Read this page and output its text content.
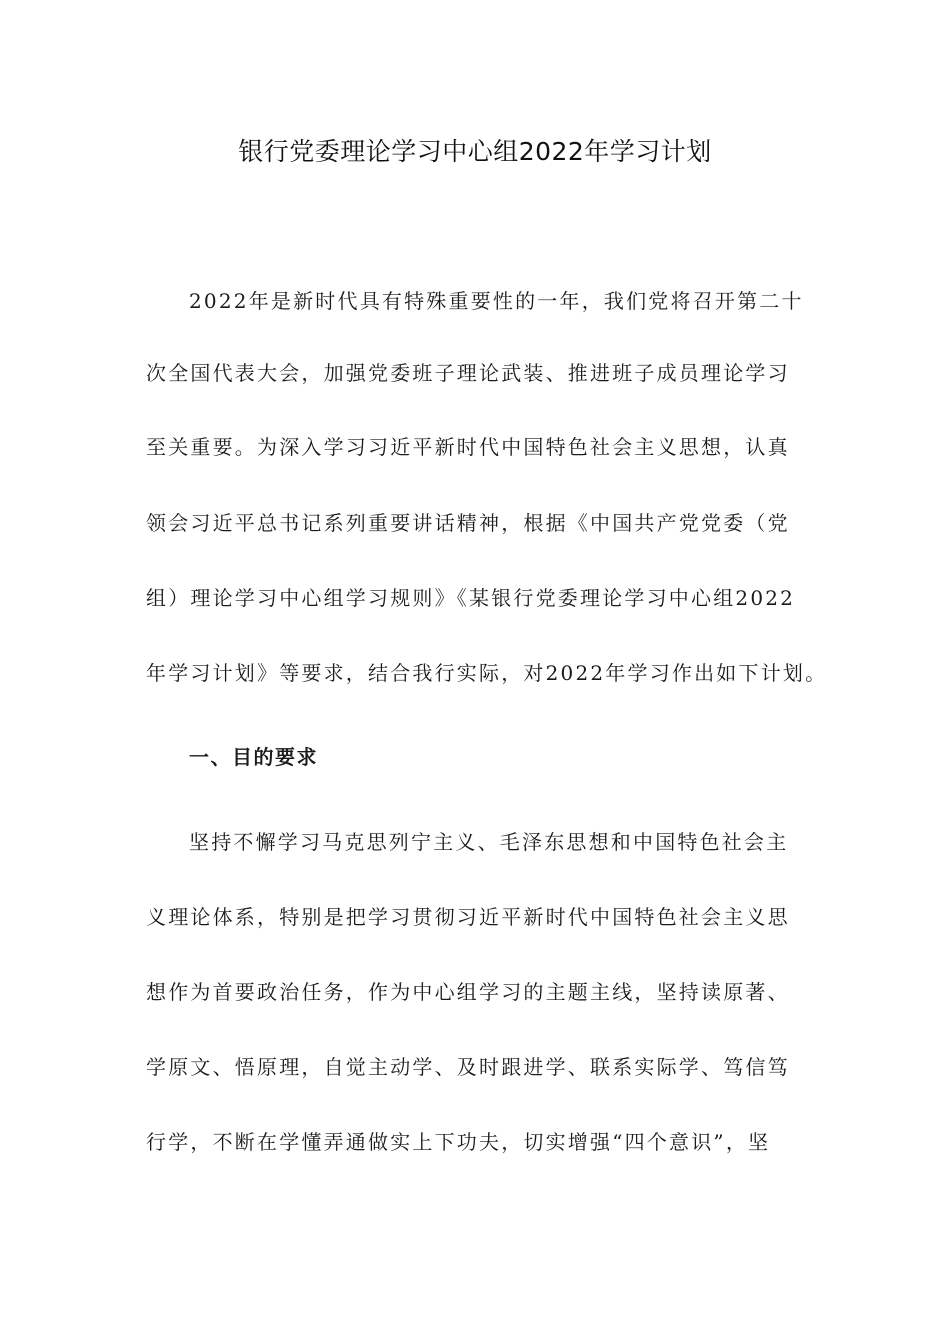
银行党委理论学习中心组2022年学习计划

2022年是新时代具有特殊重要性的一年，我们党将召开第二十

次全国代表大会，加强党委班子理论武装、推进班子成员理论学习

至关重要。为深入学习习近平新时代中国特色社会主义思想，认真

领会习近平总书记系列重要讲话精神，根据《中国共产党党委（党

组）理论学习中心组学习规则》《某银行党委理论学习中心组2022

年学习计划》等要求，结合我行实际，对2022年学习作出如下计划。

一、目的要求

坚持不懈学习马克思列宁主义、毛泽东思想和中国特色社会主

义理论体系，特别是把学习贯彻习近平新时代中国特色社会主义思

想作为首要政治任务，作为中心组学习的主题主线，坚持读原著、

学原文、悟原理，自觉主动学、及时跟进学、联系实际学、笃信笃

行学，不断在学懂弄通做实上下功夫，切实增强“四个意识”，坚
